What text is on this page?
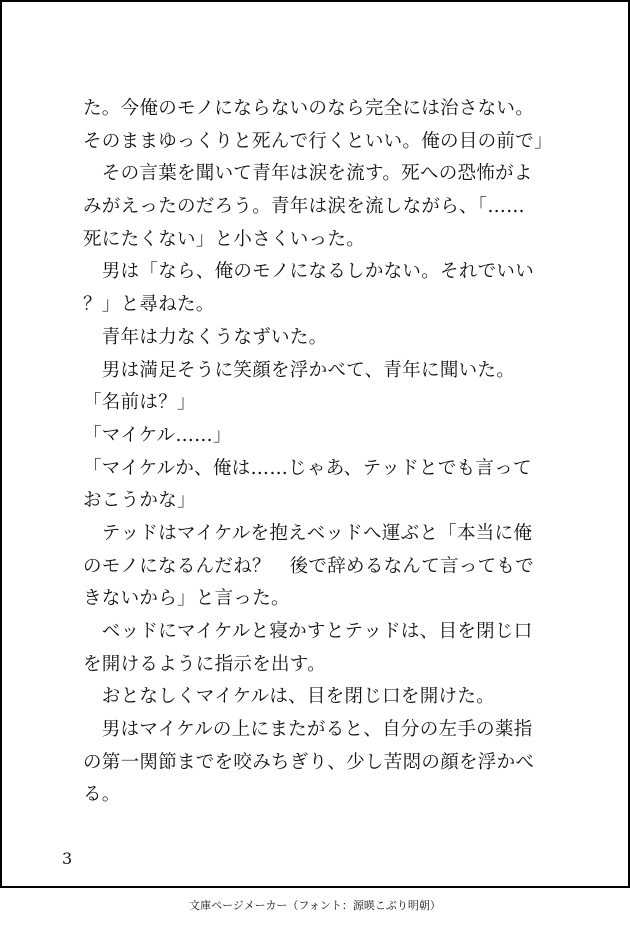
た。今俺のモノにならないのなら完全には治さない。
そのままゆっくりと死んで行くといい。俺の目の前で」
　その言葉を聞いて青年は涙を流す。死への恐怖がよ
みがえったのだろう。青年は涙を流しながら、「……
死にたくない」と小さくいった。
　男は「なら、俺のモノになるしかない。それでいい
？」と尋ねた。
　青年は力なくうなずいた。
　男は満足そうに笑顔を浮かべて、青年に聞いた。
「名前は？」
「マイケル……」
「マイケルか、俺は……じゃあ、テッドとでも言って
おこうかな」
　テッドはマイケルを抱えベッドへ運ぶと「本当に俺
のモノになるんだね？　後で辞めるなんて言ってもで
きないから」と言った。
　ベッドにマイケルと寝かすとテッドは、目を閉じ口
を開けるように指示を出す。
　おとなしくマイケルは、目を閉じ口を開けた。
　男はマイケルの上にまたがると、自分の左手の薬指
の第一関節までを咬みちぎり、少し苦悶の顔を浮かべ
る。
3
文庫ページメーカー（フォント：源暎こぶり明朝）
